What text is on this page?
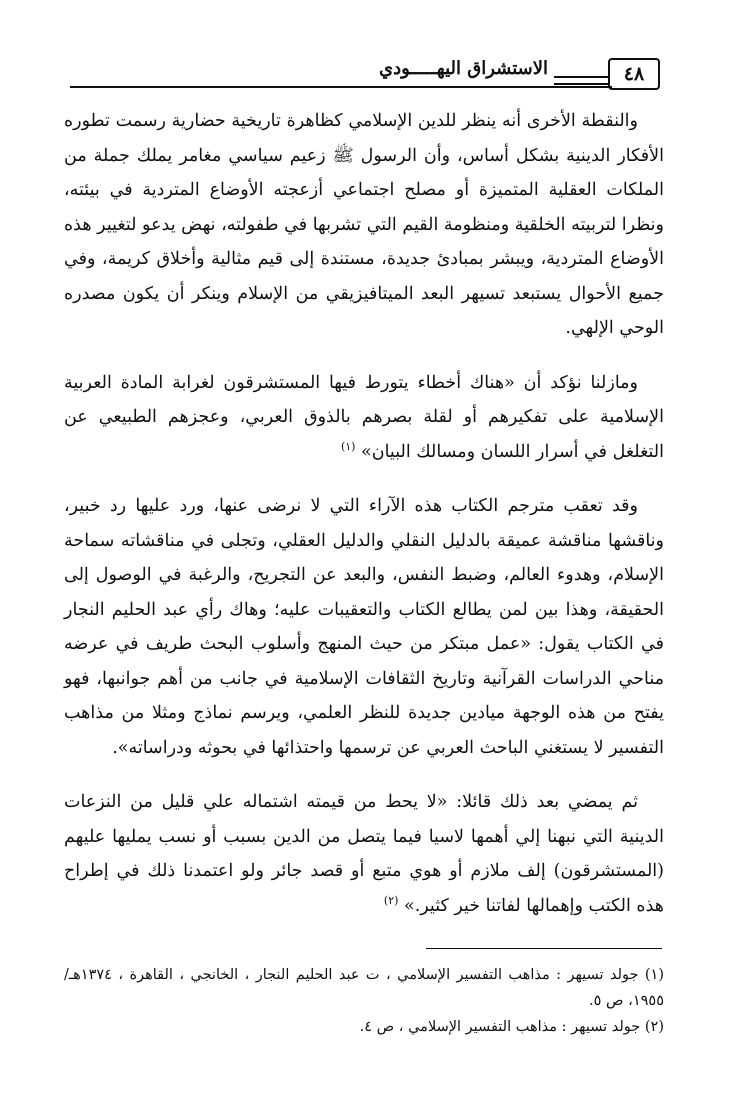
٤٨
الاستشراق اليهـــــودي

والنقطة الأخرى أنه ينظر للدين الإسلامي كظاهرة تاريخية حضارية رسمت تطوره الأفكار الدينية بشكل أساس، وأن الرسول ﷺ زعيم سياسي مغامر يملك جملة من الملكات العقلية المتميزة أو مصلح اجتماعي أزعجته الأوضاع المتردية في بيئته، ونظرا لتربيته الخلقية ومنظومة القيم التي تشربها في طفولته، نهض يدعو لتغيير هذه الأوضاع المتردية، ويبشر بمبادئ جديدة، مستندة إلى قيم مثالية وأخلاق كريمة، وفي جميع الأحوال يستبعد تسيهر البعد الميتافيزيقي من الإسلام وينكر أن يكون مصدره الوحي الإلهي.

ومازلنا نؤكد أن «هناك أخطاء يتورط فيها المستشرقون لغرابة المادة العربية الإسلامية على تفكيرهم أو لقلة بصرهم بالذوق العربي، وعجزهم الطبيعي عن التغلغل في أسرار اللسان ومسالك البيان» $^{(١)}$

وقد تعقب مترجم الكتاب هذه الآراء التي لا نرضى عنها، ورد عليها رد خبير، وناقشها مناقشة عميقة بالدليل النقلي والدليل العقلي، وتجلى في مناقشاته سماحة الإسلام، وهدوء العالم، وضبط النفس، والبعد عن التجريح، والرغبة في الوصول إلى الحقيقة، وهذا بين لمن يطالع الكتاب والتعقيبات عليه؛ وهاك رأي عبد الحليم النجار في الكتاب يقول: «عمل مبتكر من حيث المنهج وأسلوب البحث طريف في عرضه مناحي الدراسات القرآنية وتاريخ الثقافات الإسلامية في جانب من أهم جوانبها، فهو يفتح من هذه الوجهة ميادين جديدة للنظر العلمي، ويرسم نماذج ومثلا من مذاهب التفسير لا يستغني الباحث العربي عن ترسمها واحتذائها في بحوثه ودراساته».

ثم يمضي بعد ذلك قائلا: «لا يحط من قيمته اشتماله علي قليل من النزعات الدينية التي نبهنا إلي أهمها لاسيا فيما يتصل من الدين بسبب أو نسب يمليها عليهم (المستشرقون) إلف ملازم أو هوي متبع أو قصد جائر ولو اعتمدنا ذلك في إطراح هذه الكتب وإهمالها لفاتنا خير كثير.» $^{(٢)}$

(١) جولد تسيهر : مذاهب التفسير الإسلامي ، ت عبد الحليم النجار ، الخانجي ، القاهرة ، ١٣٧٤هـ/ ١٩٥٥، ص ٥.

(٢) جولد تسيهر : مذاهب التفسير الإسلامي ، ص ٤.
